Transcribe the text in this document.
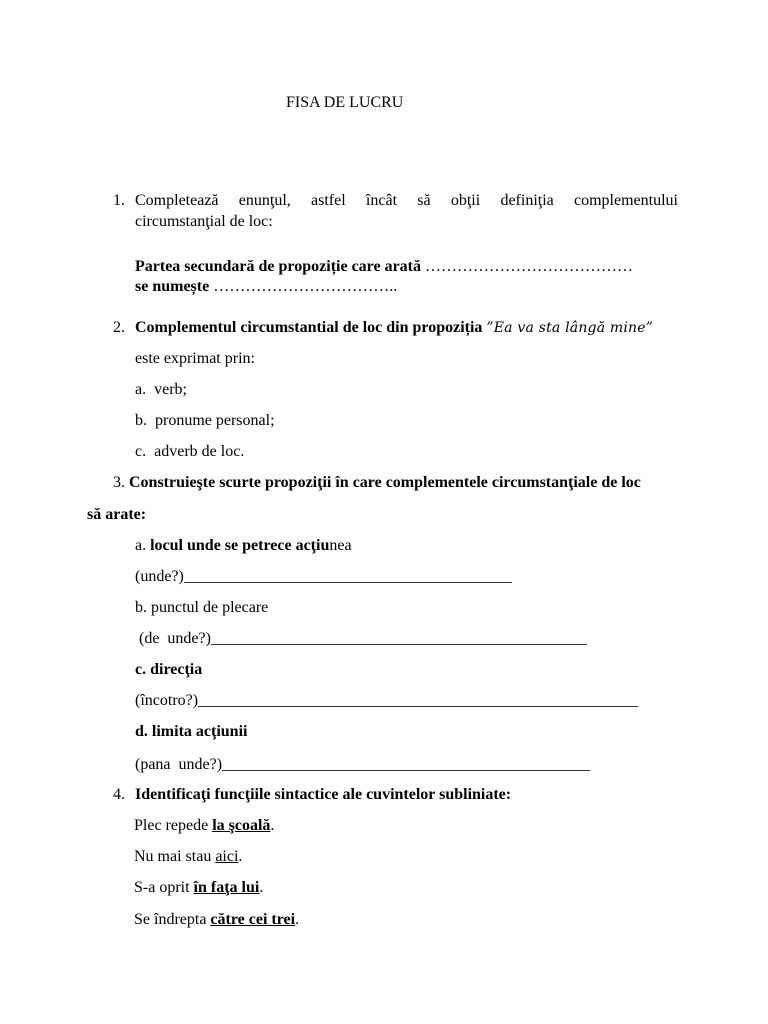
FISA DE LUCRU
1. Completează enunţul, astfel încât să obţii definiţia complementului
circumstanţial de loc:
Partea secundară de propoziție care arată …………………………………
se numește ……………………………..
2. Complementul circumstantial de loc din propoziția ”Ea va sta lângă mine”
este exprimat prin:
a. verb;
b. pronume personal;
c. adverb de loc.
3. Construieşte scurte propoziţii în care complementele circumstanţiale de loc
să arate:
a. locul unde se petrece acţiunea
(unde?)_________________________________________
b. punctul de plecare
(de  unde?)_______________________________________________
c. direcţia
(încotro?)_______________________________________________________
d. limita acţiunii
(pana  unde?)______________________________________________
4. Identificaţi funcţiile sintactice ale cuvintelor subliniate:
Plec repede la şcoală.
Nu mai stau aici.
S-a oprit în faţa lui.
Se îndrepta către cei trei.
